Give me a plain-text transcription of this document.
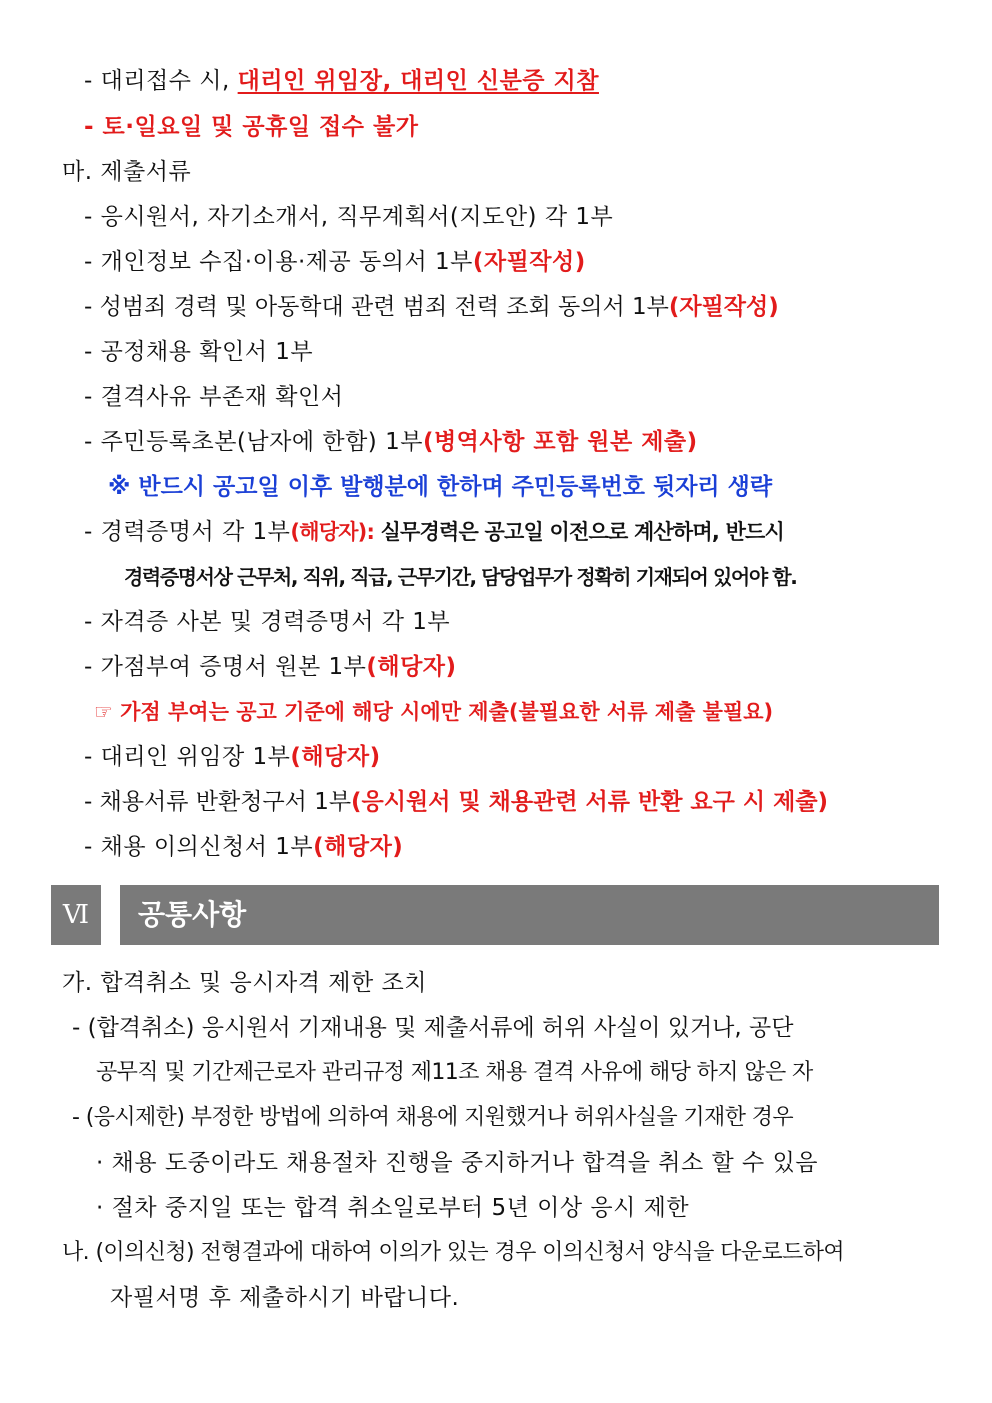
- 대리접수 시, 대리인 위임장, 대리인 신분증 지참
- 토·일요일 및 공휴일 접수 불가
마. 제출서류
- 응시원서, 자기소개서, 직무계획서(지도안) 각 1부
- 개인정보 수집·이용·제공 동의서 1부(자필작성)
- 성범죄 경력 및 아동학대 관련 범죄 전력 조회 동의서 1부(자필작성)
- 공정채용 확인서 1부
- 결격사유 부존재 확인서
- 주민등록초본(남자에 한함) 1부(병역사항 포함 원본 제출)
※ 반드시 공고일 이후 발행분에 한하며 주민등록번호 뒷자리 생략
- 경력증명서 각 1부(해당자): 실무경력은 공고일 이전으로 계산하며, 반드시
경력증명서상 근무처, 직위, 직급, 근무기간, 담당업무가 정확히 기재되어 있어야 함.
- 자격증 사본 및 경력증명서 각 1부
- 가점부여 증명서 원본 1부(해당자)
☞ 가점 부여는 공고 기준에 해당 시에만 제출(불필요한 서류 제출 불필요)
- 대리인 위임장 1부(해당자)
- 채용서류 반환청구서 1부(응시원서 및 채용관련 서류 반환 요구 시 제출)
- 채용 이의신청서 1부(해당자)
Ⅵ	공통사항
가. 합격취소 및 응시자격 제한 조치
- (합격취소) 응시원서 기재내용 및 제출서류에 허위 사실이 있거나, 공단
공무직 및 기간제근로자 관리규정 제11조 채용 결격 사유에 해당 하지 않은 자
- (응시제한) 부정한 방법에 의하여 채용에 지원했거나 허위사실을 기재한 경우
· 채용 도중이라도 채용절차 진행을 중지하거나 합격을 취소 할 수 있음
· 절차 중지일 또는 합격 취소일로부터 5년 이상 응시 제한
나. (이의신청) 전형결과에 대하여 이의가 있는 경우 이의신청서 양식을 다운로드하여
자필서명 후 제출하시기 바랍니다.
